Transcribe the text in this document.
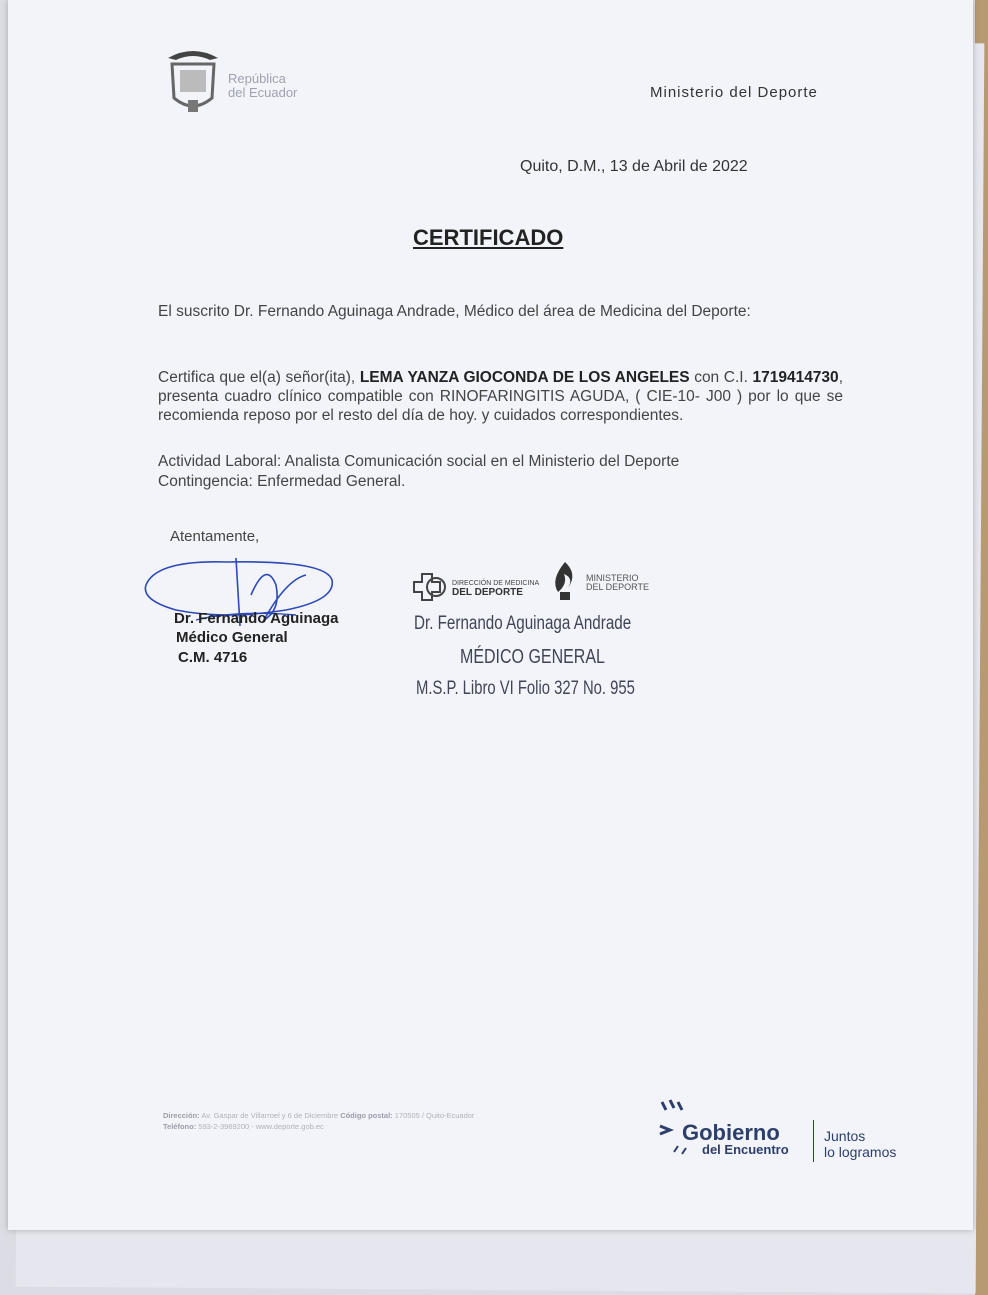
República
del Ecuador	Ministerio del Deporte
Quito, D.M., 13 de Abril de 2022
CERTIFICADO
El suscrito Dr. Fernando Aguinaga Andrade, Médico del área de Medicina del Deporte:
Certifica que el(a) señor(ita), LEMA YANZA GIOCONDA DE LOS ANGELES con C.I. 1719414730, presenta cuadro clínico compatible con RINOFARINGITIS AGUDA, ( CIE-10- J00 ) por lo que se recomienda reposo por el resto del día de hoy. y cuidados correspondientes.
Actividad Laboral: Analista Comunicación social en el Ministerio del Deporte
Contingencia: Enfermedad General.
Atentamente,
Dr. Fernando Aguinaga
Médico General
C.M. 4716
DIRECCIÓN DE MEDICINA
DEL DEPORTE
MINISTERIO
DEL DEPORTE
Dr. Fernando Aguinaga Andrade
MÉDICO GENERAL
M.S.P. Libro VI Folio 327 No. 955
Dirección: Av. Gaspar de Villarroel y 6 de Diciembre Código postal: 170505 / Quito-Ecuador
Teléfono: 593-2-3969200 - www.deporte.gob.ec	Gobierno
del Encuentro
Juntos
lo logramos
